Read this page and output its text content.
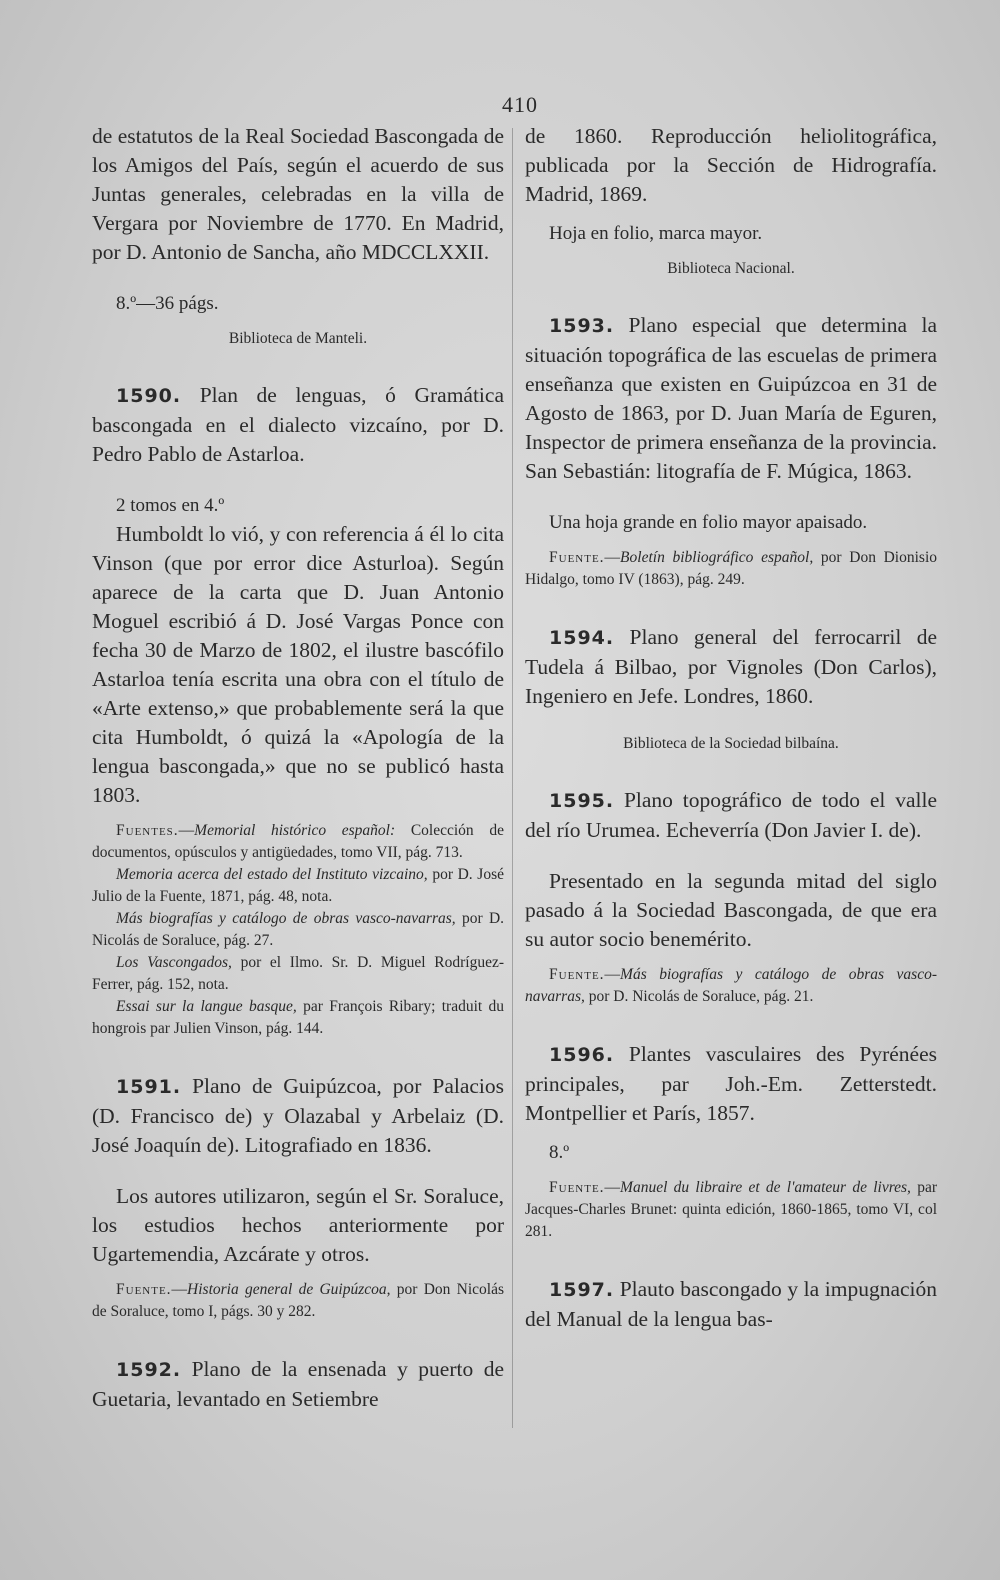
410

de estatutos de la Real Sociedad Bascongada de los Amigos del País, según el acuerdo de sus Juntas generales, celebradas en la villa de Vergara por Noviembre de 1770. En Madrid, por D. Antonio de Sancha, año MDCCLXXII.

8.º—36 págs.

Biblioteca de Manteli.

1590. Plan de lenguas, ó Gramática bascongada en el dialecto vizcaíno, por D. Pedro Pablo de Astarloa.

2 tomos en 4.º

Humboldt lo vió, y con referencia á él lo cita Vinson (que por error dice Asturloa). Según aparece de la carta que D. Juan Antonio Moguel escribió á D. José Vargas Ponce con fecha 30 de Marzo de 1802, el ilustre bascófilo Astarloa tenía escrita una obra con el título de «Arte extenso,» que probablemente será la que cita Humboldt, ó quizá la «Apología de la lengua bascongada,» que no se publicó hasta 1803.

Fuentes.—Memorial histórico español: Colección de documentos, opúsculos y antigüedades, tomo VII, pág. 713.

Memoria acerca del estado del Instituto vizcaino, por D. José Julio de la Fuente, 1871, pág. 48, nota.

Más biografías y catálogo de obras vasco-navarras, por D. Nicolás de Soraluce, pág. 27.

Los Vascongados, por el Ilmo. Sr. D. Miguel Rodríguez-Ferrer, pág. 152, nota.

Essai sur la langue basque, par François Ribary; traduit du hongrois par Julien Vinson, pág. 144.

1591. Plano de Guipúzcoa, por Palacios (D. Francisco de) y Olazabal y Arbelaiz (D. José Joaquín de). Litografiado en 1836.

Los autores utilizaron, según el Sr. Soraluce, los estudios hechos anteriormente por Ugartemendia, Azcárate y otros.

Fuente.—Historia general de Guipúzcoa, por Don Nicolás de Soraluce, tomo I, págs. 30 y 282.

1592. Plano de la ensenada y puerto de Guetaria, levantado en Setiembre

de 1860. Reproducción heliolitográfica, publicada por la Sección de Hidrografía. Madrid, 1869.

Hoja en folio, marca mayor.

Biblioteca Nacional.

1593. Plano especial que determina la situación topográfica de las escuelas de primera enseñanza que existen en Guipúzcoa en 31 de Agosto de 1863, por D. Juan María de Eguren, Inspector de primera enseñanza de la provincia. San Sebastián: litografía de F. Múgica, 1863.

Una hoja grande en folio mayor apaisado.

Fuente.—Boletín bibliográfico español, por Don Dionisio Hidalgo, tomo IV (1863), pág. 249.

1594. Plano general del ferrocarril de Tudela á Bilbao, por Vignoles (Don Carlos), Ingeniero en Jefe. Londres, 1860.

Biblioteca de la Sociedad bilbaína.

1595. Plano topográfico de todo el valle del río Urumea. Echeverría (Don Javier I. de).

Presentado en la segunda mitad del siglo pasado á la Sociedad Bascongada, de que era su autor socio benemérito.

Fuente.—Más biografías y catálogo de obras vasco-navarras, por D. Nicolás de Soraluce, pág. 21.

1596. Plantes vasculaires des Pyrénées principales, par Joh.-Em. Zetterstedt. Montpellier et París, 1857.

8.º

Fuente.—Manuel du libraire et de l'amateur de livres, par Jacques-Charles Brunet: quinta edición, 1860-1865, tomo VI, col 281.

1597. Plauto bascongado y la impugnación del Manual de la lengua bas-
